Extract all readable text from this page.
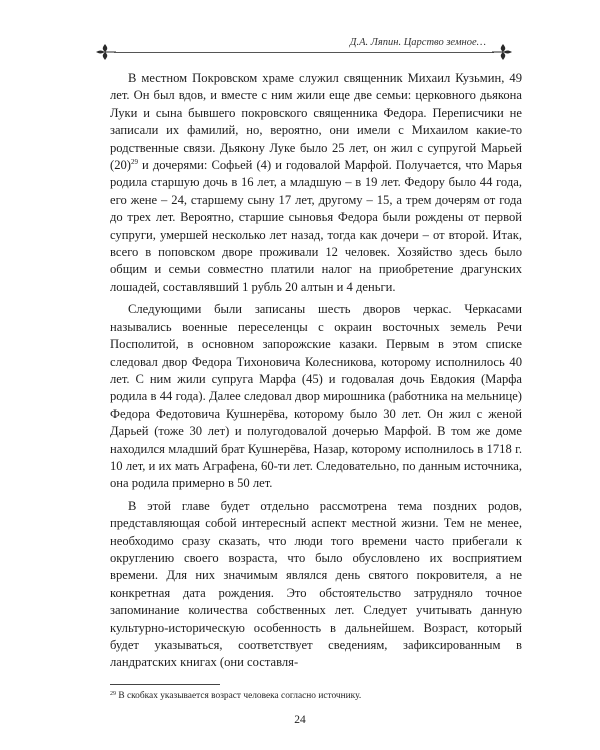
Д.А. Ляпин. Царство земное…

В местном Покровском храме служил священник Михаил Кузьмин, 49 лет. Он был вдов, и вместе с ним жили еще две семьи: церковного дьякона Луки и сына бывшего покровского священника Федора. Переписчики не записали их фамилий, но, вероятно, они имели с Михаилом какие-то родственные связи. Дьякону Луке было 25 лет, он жил с супругой Марьей (20)$^{29}$ и дочерями: Софьей (4) и годовалой Марфой. Получается, что Марья родила старшую дочь в 16 лет, а младшую – в 19 лет. Федору было 44 года, его жене – 24, старшему сыну 17 лет, другому – 15, а трем дочерям от года до трех лет. Вероятно, старшие сыновья Федора были рождены от первой супруги, умершей несколько лет назад, тогда как дочери – от второй. Итак, всего в поповском дворе проживали 12 человек. Хозяйство здесь было общим и семьи совместно платили налог на приобретение драгунских лошадей, составлявший 1 рубль 20 алтын и 4 деньги.

Следующими были записаны шесть дворов черкас. Черкасами назывались военные переселенцы с окраин восточных земель Речи Посполитой, в основном запорожские казаки. Первым в этом списке следовал двор Федора Тихоновича Колесникова, которому исполнилось 40 лет. С ним жили супруга Марфа (45) и годовалая дочь Евдокия (Марфа родила в 44 года). Далее следовал двор мирошника (работника на мельнице) Федора Федотовича Кушнерёва, которому было 30 лет. Он жил с женой Дарьей (тоже 30 лет) и полугодовалой дочерью Марфой. В том же доме находился младший брат Кушнерёва, Назар, которому исполнилось в 1718 г. 10 лет, и их мать Аграфена, 60-ти лет. Следовательно, по данным источника, она родила примерно в 50 лет.

В этой главе будет отдельно рассмотрена тема поздних родов, представляющая собой интересный аспект местной жизни. Тем не менее, необходимо сразу сказать, что люди того времени часто прибегали к округлению своего возраста, что было обусловлено их восприятием времени. Для них значимым являлся день святого покровителя, а не конкретная дата рождения. Это обстоятельство затрудняло точное запоминание количества собственных лет. Следует учитывать данную культурно-историческую особенность в дальнейшем. Возраст, который будет указываться, соответствует сведениям, зафиксированным в ландратских книгах (они составля-

$^{29}$ В скобках указывается возраст человека согласно источнику.
24
